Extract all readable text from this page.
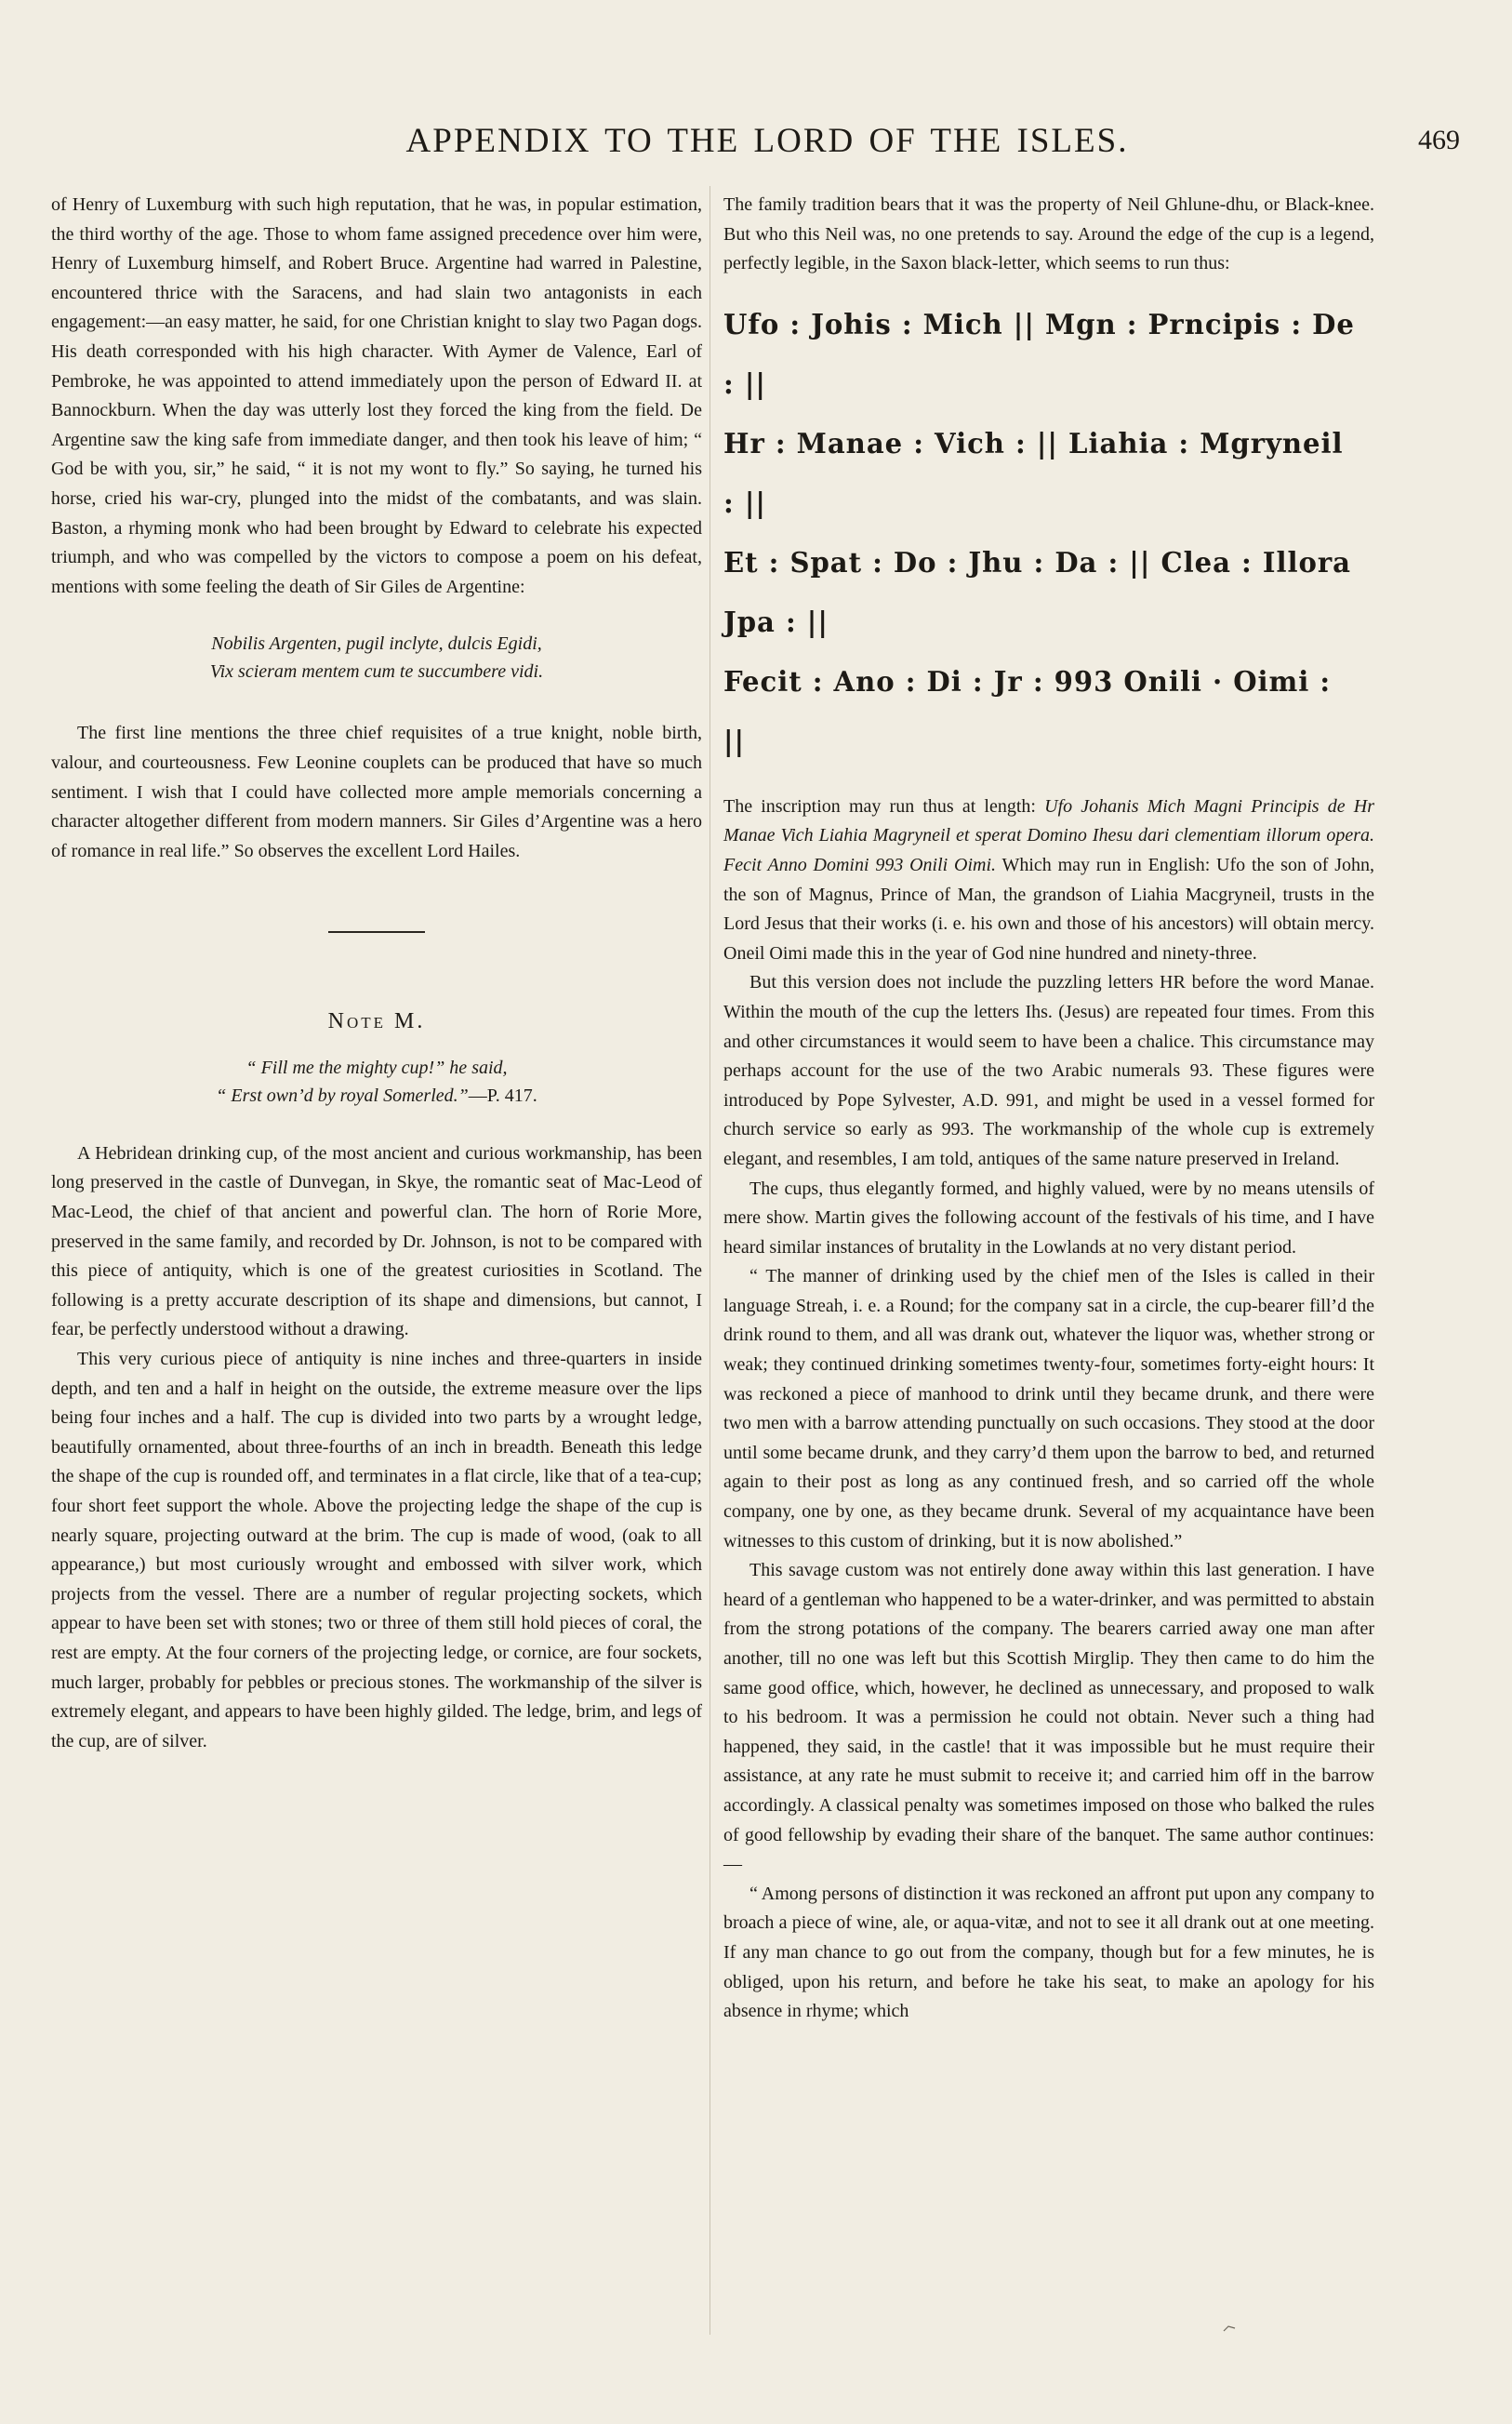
APPENDIX TO THE LORD OF THE ISLES.	469

of Henry of Luxemburg with such high reputation, that he was, in popular estimation, the third worthy of the age. Those to whom fame assigned precedence over him were, Henry of Luxemburg himself, and Robert Bruce. Argentine had warred in Palestine, encountered thrice with the Saracens, and had slain two antagonists in each engagement:—an easy matter, he said, for one Christian knight to slay two Pagan dogs. His death corresponded with his high character. With Aymer de Valence, Earl of Pembroke, he was appointed to attend immediately upon the person of Edward II. at Bannockburn. When the day was utterly lost they forced the king from the field. De Argentine saw the king safe from immediate danger, and then took his leave of him; “ God be with you, sir,” he said, “ it is not my wont to fly.” So saying, he turned his horse, cried his war-cry, plunged into the midst of the combatants, and was slain. Baston, a rhyming monk who had been brought by Edward to celebrate his expected triumph, and who was compelled by the victors to compose a poem on his defeat, mentions with some feeling the death of Sir Giles de Argentine:

Nobilis Argenten, pugil inclyte, dulcis Egidi,
Vix scieram mentem cum te succumbere vidi.

The first line mentions the three chief requisites of a true knight, noble birth, valour, and courteousness. Few Leonine couplets can be produced that have so much sentiment. I wish that I could have collected more ample memorials concerning a character altogether different from modern manners. Sir Giles d’Argentine was a hero of romance in real life.” So observes the excellent Lord Hailes.

Note M.
“ Fill me the mighty cup!” he said,
“ Erst own’d by royal Somerled.”—P. 417.

A Hebridean drinking cup, of the most ancient and curious workmanship, has been long preserved in the castle of Dunvegan, in Skye, the romantic seat of Mac-Leod of Mac-Leod, the chief of that ancient and powerful clan. The horn of Rorie More, preserved in the same family, and recorded by Dr. Johnson, is not to be compared with this piece of antiquity, which is one of the greatest curiosities in Scotland. The following is a pretty accurate description of its shape and dimensions, but cannot, I fear, be perfectly understood without a drawing.

This very curious piece of antiquity is nine inches and three-quarters in inside depth, and ten and a half in height on the outside, the extreme measure over the lips being four inches and a half. The cup is divided into two parts by a wrought ledge, beautifully ornamented, about three-fourths of an inch in breadth. Beneath this ledge the shape of the cup is rounded off, and terminates in a flat circle, like that of a tea-cup; four short feet support the whole. Above the projecting ledge the shape of the cup is nearly square, projecting outward at the brim. The cup is made of wood, (oak to all appearance,) but most curiously wrought and embossed with silver work, which projects from the vessel. There are a number of regular projecting sockets, which appear to have been set with stones; two or three of them still hold pieces of coral, the rest are empty. At the four corners of the projecting ledge, or cornice, are four sockets, much larger, probably for pebbles or precious stones. The workmanship of the silver is extremely elegant, and appears to have been highly gilded. The ledge, brim, and legs of the cup, are of silver.

The family tradition bears that it was the property of Neil Ghlune-dhu, or Black-knee. But who this Neil was, no one pretends to say. Around the edge of the cup is a legend, perfectly legible, in the Saxon black-letter, which seems to run thus:

Ufo : Johis : Mich || Mgn : Prncipis : De : ||
Hr : Manae : Vich : || Liahia : Mgryneil : ||
Et : Spat : Do : Jhu : Da : || Clea : Illora Jpa : ||
Fecit : Ano : Di : Jr : 993 Onili · Oimi : ||

The inscription may run thus at length: Ufo Johanis Mich Magni Principis de Hr Manae Vich Liahia Magryneil et sperat Domino Ihesu dari clementiam illorum opera. Fecit Anno Domini 993 Onili Oimi. Which may run in English: Ufo the son of John, the son of Magnus, Prince of Man, the grandson of Liahia Macgryneil, trusts in the Lord Jesus that their works (i. e. his own and those of his ancestors) will obtain mercy. Oneil Oimi made this in the year of God nine hundred and ninety-three.

But this version does not include the puzzling letters HR before the word Manae. Within the mouth of the cup the letters Ihs. (Jesus) are repeated four times. From this and other circumstances it would seem to have been a chalice. This circumstance may perhaps account for the use of the two Arabic numerals 93. These figures were introduced by Pope Sylvester, A.D. 991, and might be used in a vessel formed for church service so early as 993. The workmanship of the whole cup is extremely elegant, and resembles, I am told, antiques of the same nature preserved in Ireland.

The cups, thus elegantly formed, and highly valued, were by no means utensils of mere show. Martin gives the following account of the festivals of his time, and I have heard similar instances of brutality in the Lowlands at no very distant period.

“ The manner of drinking used by the chief men of the Isles is called in their language Streah, i. e. a Round; for the company sat in a circle, the cup-bearer fill’d the drink round to them, and all was drank out, whatever the liquor was, whether strong or weak; they continued drinking sometimes twenty-four, sometimes forty-eight hours: It was reckoned a piece of manhood to drink until they became drunk, and there were two men with a barrow attending punctually on such occasions. They stood at the door until some became drunk, and they carry’d them upon the barrow to bed, and returned again to their post as long as any continued fresh, and so carried off the whole company, one by one, as they became drunk. Several of my acquaintance have been witnesses to this custom of drinking, but it is now abolished.”

This savage custom was not entirely done away within this last generation. I have heard of a gentleman who happened to be a water-drinker, and was permitted to abstain from the strong potations of the company. The bearers carried away one man after another, till no one was left but this Scottish Mirglip. They then came to do him the same good office, which, however, he declined as unnecessary, and proposed to walk to his bedroom. It was a permission he could not obtain. Never such a thing had happened, they said, in the castle! that it was impossible but he must require their assistance, at any rate he must submit to receive it; and carried him off in the barrow accordingly. A classical penalty was sometimes imposed on those who balked the rules of good fellowship by evading their share of the banquet. The same author continues:—

“ Among persons of distinction it was reckoned an affront put upon any company to broach a piece of wine, ale, or aqua-vitæ, and not to see it all drank out at one meeting. If any man chance to go out from the company, though but for a few minutes, he is obliged, upon his return, and before he take his seat, to make an apology for his absence in rhyme; which
